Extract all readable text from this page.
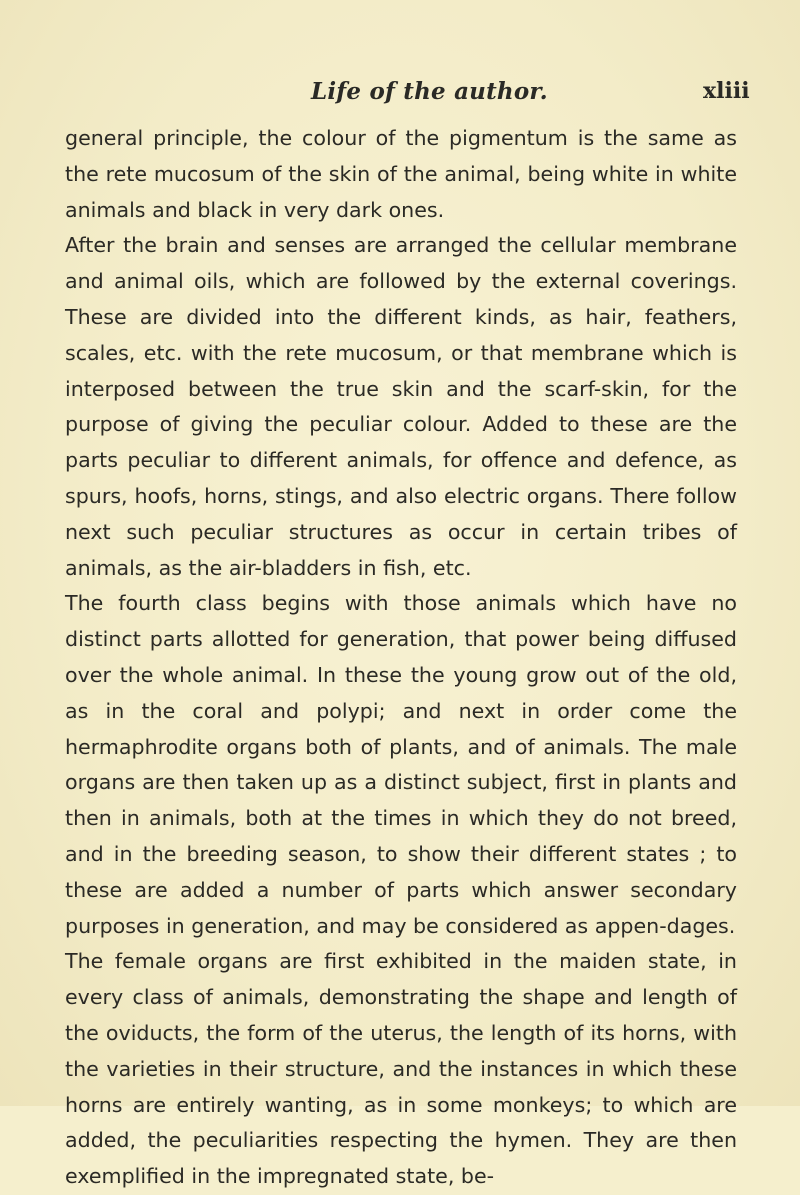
Life of the author.	xliii

general principle, the colour of the pigmentum is the same as the rete mucosum of the skin of the animal, being white in white animals and black in very dark ones.

After the brain and senses are arranged the cellular membrane and animal oils, which are followed by the external coverings. These are divided into the different kinds, as hair, feathers, scales, etc. with the rete mucosum, or that membrane which is interposed between the true skin and the scarf-skin, for the purpose of giving the peculiar colour. Added to these are the parts peculiar to different animals, for offence and defence, as spurs, hoofs, horns, stings, and also electric organs. There follow next such peculiar structures as occur in certain tribes of animals, as the air-bladders in fish, etc.

The fourth class begins with those animals which have no distinct parts allotted for generation, that power being diffused over the whole animal. In these the young grow out of the old, as in the coral and polypi; and next in order come the hermaphrodite organs both of plants, and of animals. The male organs are then taken up as a distinct subject, first in plants and then in animals, both at the times in which they do not breed, and in the breeding season, to show their different states ; to these are added a number of parts which answer secondary purposes in generation, and may be considered as appen-dages.

The female organs are first exhibited in the maiden state, in every class of animals, demonstrating the shape and length of the oviducts, the form of the uterus, the length of its horns, with the varieties in their structure, and the instances in which these horns are entirely wanting, as in some monkeys; to which are added, the peculiarities respecting the hymen. They are then exemplified in the impregnated state, be-
